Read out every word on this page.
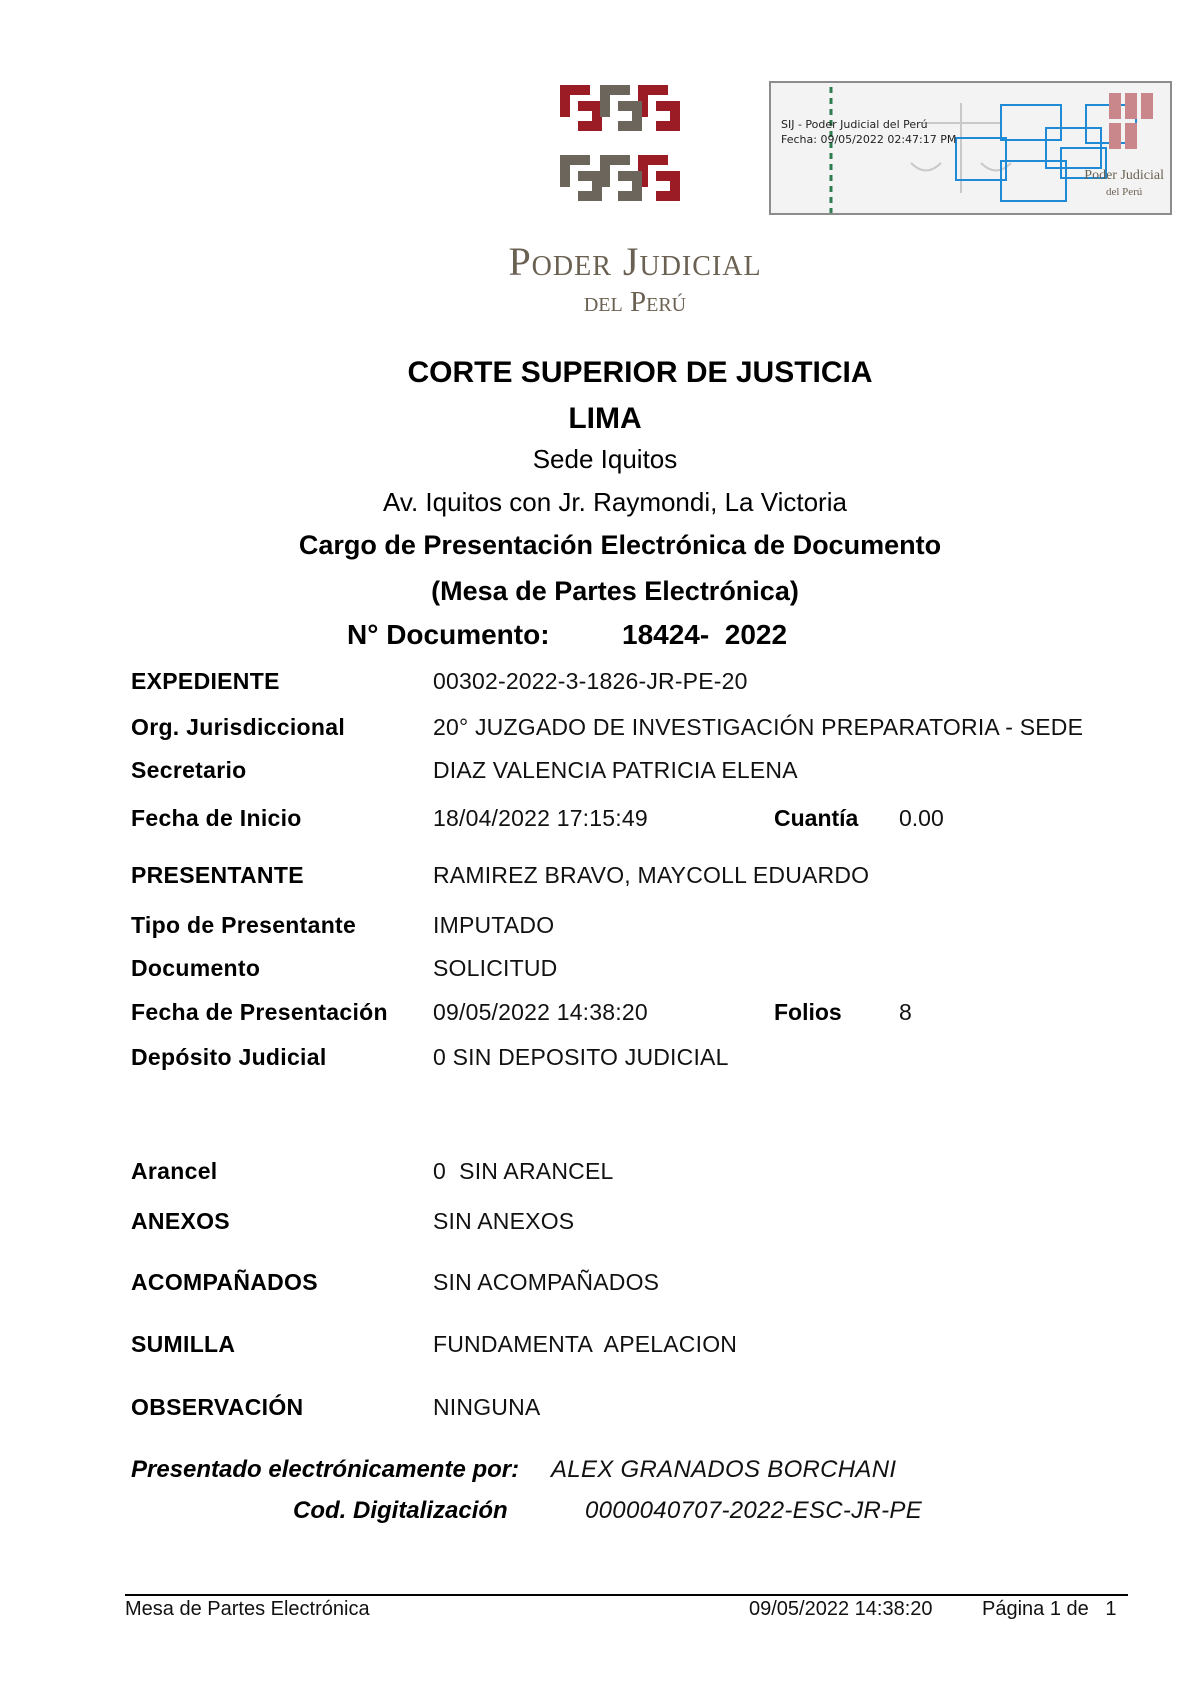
Poder Judicial
del Perú
SIJ - Poder Judicial del Perú
Fecha: 09/05/2022 02:47:17 PM
Poder Judicial
del Perú
CORTE SUPERIOR DE JUSTICIA
LIMA
Sede Iquitos
Av. Iquitos con Jr. Raymondi, La Victoria
Cargo de Presentación Electrónica de Documento
(Mesa de Partes Electrónica)
N° Documento:	18424-  2022
EXPEDIENTE	00302-2022-3-1826-JR-PE-20
Org. Jurisdiccional	20° JUZGADO DE INVESTIGACIÓN PREPARATORIA - SEDE
Secretario	DIAZ VALENCIA PATRICIA ELENA
Fecha de Inicio	18/04/2022 17:15:49	Cuantía 0.00
PRESENTANTE	RAMIREZ BRAVO, MAYCOLL EDUARDO
Tipo de Presentante	IMPUTADO
Documento	SOLICITUD
Fecha de Presentación 09/05/2022 14:38:20	Folios 8
Depósito Judicial	0 SIN DEPOSITO JUDICIAL
Arancel	0  SIN ARANCEL
ANEXOS	SIN ANEXOS
ACOMPAÑADOS	SIN ACOMPAÑADOS
SUMILLA	FUNDAMENTA  APELACION
OBSERVACIÓN	NINGUNA
Presentado electrónicamente por: ALEX GRANADOS BORCHANI
Cod. Digitalización	0000040707-2022-ESC-JR-PE
Mesa de Partes Electrónica	09/05/2022 14:38:20 Página 1 de   1
